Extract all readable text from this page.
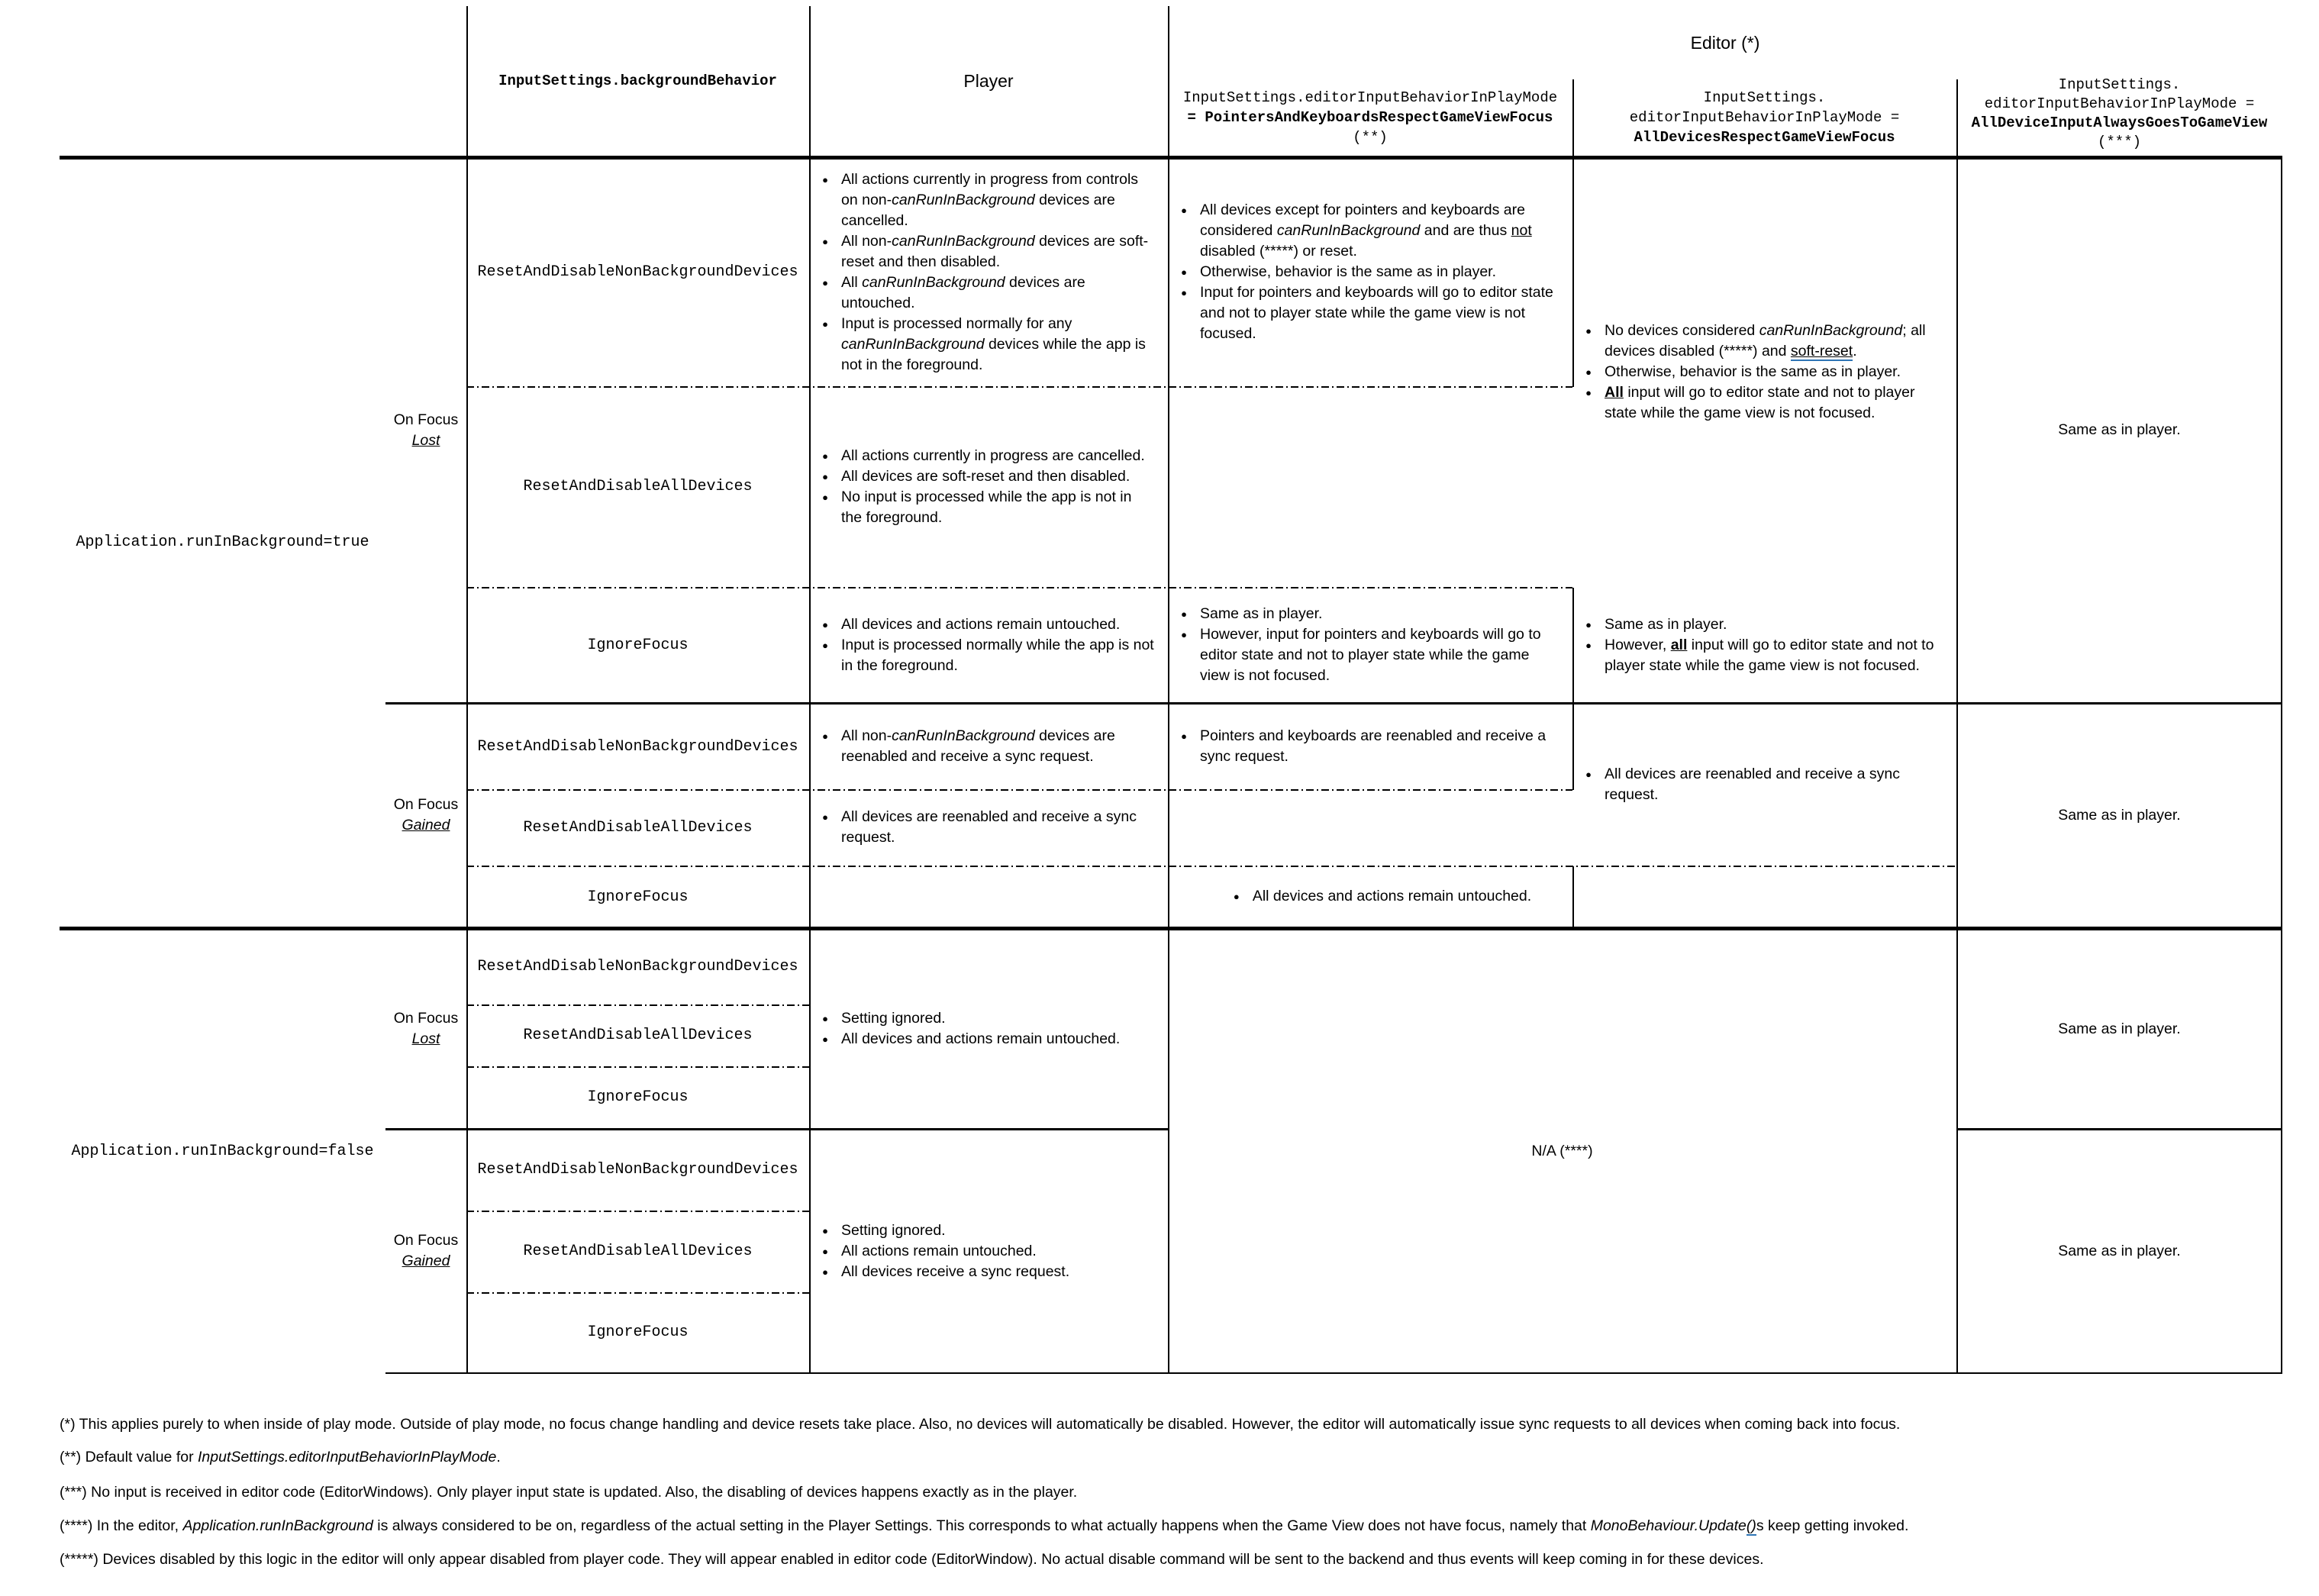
InputSettings.backgroundBehavior	Player
Editor (*)
InputSettings.editorInputBehaviorInPlayMode
= PointersAndKeyboardsRespectGameViewFocus
(**)
InputSettings.
editorInputBehaviorInPlayMode =
AllDevicesRespectGameViewFocus
InputSettings.
editorInputBehaviorInPlayMode =
AllDeviceInputAlwaysGoesToGameView
(***)
Application.runInBackground=true
Application.runInBackground=false
On Focus
Lost
On Focus
Gained
On Focus
Lost
On Focus
Gained
ResetAndDisableNonBackgroundDevices
ResetAndDisableAllDevices
IgnoreFocus
ResetAndDisableNonBackgroundDevices
ResetAndDisableAllDevices
IgnoreFocus
ResetAndDisableNonBackgroundDevices
ResetAndDisableAllDevices
IgnoreFocus
ResetAndDisableNonBackgroundDevices
ResetAndDisableAllDevices
IgnoreFocus
● All actions currently in progress from controls on non-canRunInBackground devices are cancelled.
● All non-canRunInBackground devices are soft-reset and then disabled.
● All canRunInBackground devices are untouched.
● Input is processed normally for any canRunInBackground devices while the app is not in the foreground.
● All devices except for pointers and keyboards are considered canRunInBackground and are thus not disabled (*****) or reset.
● Otherwise, behavior is the same as in player.
● Input for pointers and keyboards will go to editor state and not to player state while the game view is not focused.	● No devices considered canRunInBackground; all devices disabled (*****) and soft-reset.
● Otherwise, behavior is the same as in player.
● All input will go to editor state and not to player state while the game view is not focused.
Same as in player.
● All actions currently in progress are cancelled.
● All devices are soft-reset and then disabled.
● No input is processed while the app is not in the foreground.
● All devices and actions remain untouched.
● Input is processed normally while the app is not in the foreground.
● Same as in player.
● However, input for pointers and keyboards will go to editor state and not to player state while the game view is not focused.
● Same as in player.
● However, all input will go to editor state and not to player state while the game view is not focused.
● All non-canRunInBackground devices are reenabled and receive a sync request.
● Pointers and keyboards are reenabled and receive a sync request.
● All devices are reenabled and receive a sync request.
● All devices are reenabled and receive a sync request.
● All devices and actions remain untouched.
Same as in player.
● Setting ignored.
● All devices and actions remain untouched.
● Setting ignored.
● All actions remain untouched.
● All devices receive a sync request.
N/A (****)
Same as in player.
Same as in player.
(*) This applies purely to when inside of play mode. Outside of play mode, no focus change handling and device resets take place. Also, no devices will automatically be disabled. However, the editor will automatically issue sync requests to all devices when coming back into focus.
(**) Default value for InputSettings.editorInputBehaviorInPlayMode.
(***) No input is received in editor code (EditorWindows). Only player input state is updated. Also, the disabling of devices happens exactly as in the player.
(****) In the editor, Application.runInBackground is always considered to be on, regardless of the actual setting in the Player Settings. This corresponds to what actually happens when the Game View does not have focus, namely that MonoBehaviour.Update()s keep getting invoked.
(*****) Devices disabled by this logic in the editor will only appear disabled from player code. They will appear enabled in editor code (EditorWindow). No actual disable command will be sent to the backend and thus events will keep coming in for these devices.
